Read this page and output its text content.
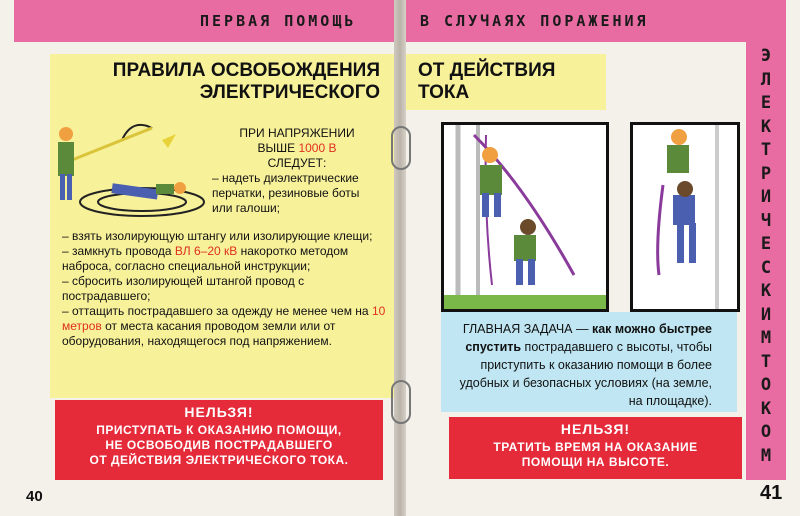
ПЕРВАЯ ПОМОЩЬ	В СЛУЧАЯХ ПОРАЖЕНИЯ
Э
Л
Е
К
Т
Р
И
Ч
Е
С
К
И
М
Т
О
К
О
М
ПРАВИЛА ОСВОБОЖДЕНИЯ
ЭЛЕКТРИЧЕСКОГО
ОТ ДЕЙСТВИЯ
ТОКА
ПРИ НАПРЯЖЕНИИ
ВЫШЕ 1000 В
СЛЕДУЕТ:
– надеть диэлектрические перчатки, резиновые боты или галоши;

– взять изолирующую штангу или изолирующие клещи;

– замкнуть провода ВЛ 6–20 кВ накоротко методом наброса, согласно специальной инструкции;

– сбросить изолирующей штангой провод с пострадавшего;

– оттащить пострадавшего за одежду не менее чем на 10 метров от места касания проводом земли или от оборудования, находящегося под напряжением.

НЕЛЬЗЯ!
ПРИСТУПАТЬ К ОКАЗАНИЮ ПОМОЩИ,
НЕ ОСВОБОДИВ ПОСТРАДАВШЕГО
ОТ ДЕЙСТВИЯ ЭЛЕКТРИЧЕСКОГО ТОКА.
ГЛАВНАЯ ЗАДАЧА — как можно быстрее спустить пострадавшего с высоты, чтобы приступить к оказанию помощи в более удобных и безопасных условиях (на земле, на площадке).
НЕЛЬЗЯ!
ТРАТИТЬ ВРЕМЯ НА ОКАЗАНИЕ
ПОМОЩИ НА ВЫСОТЕ.
40	41
